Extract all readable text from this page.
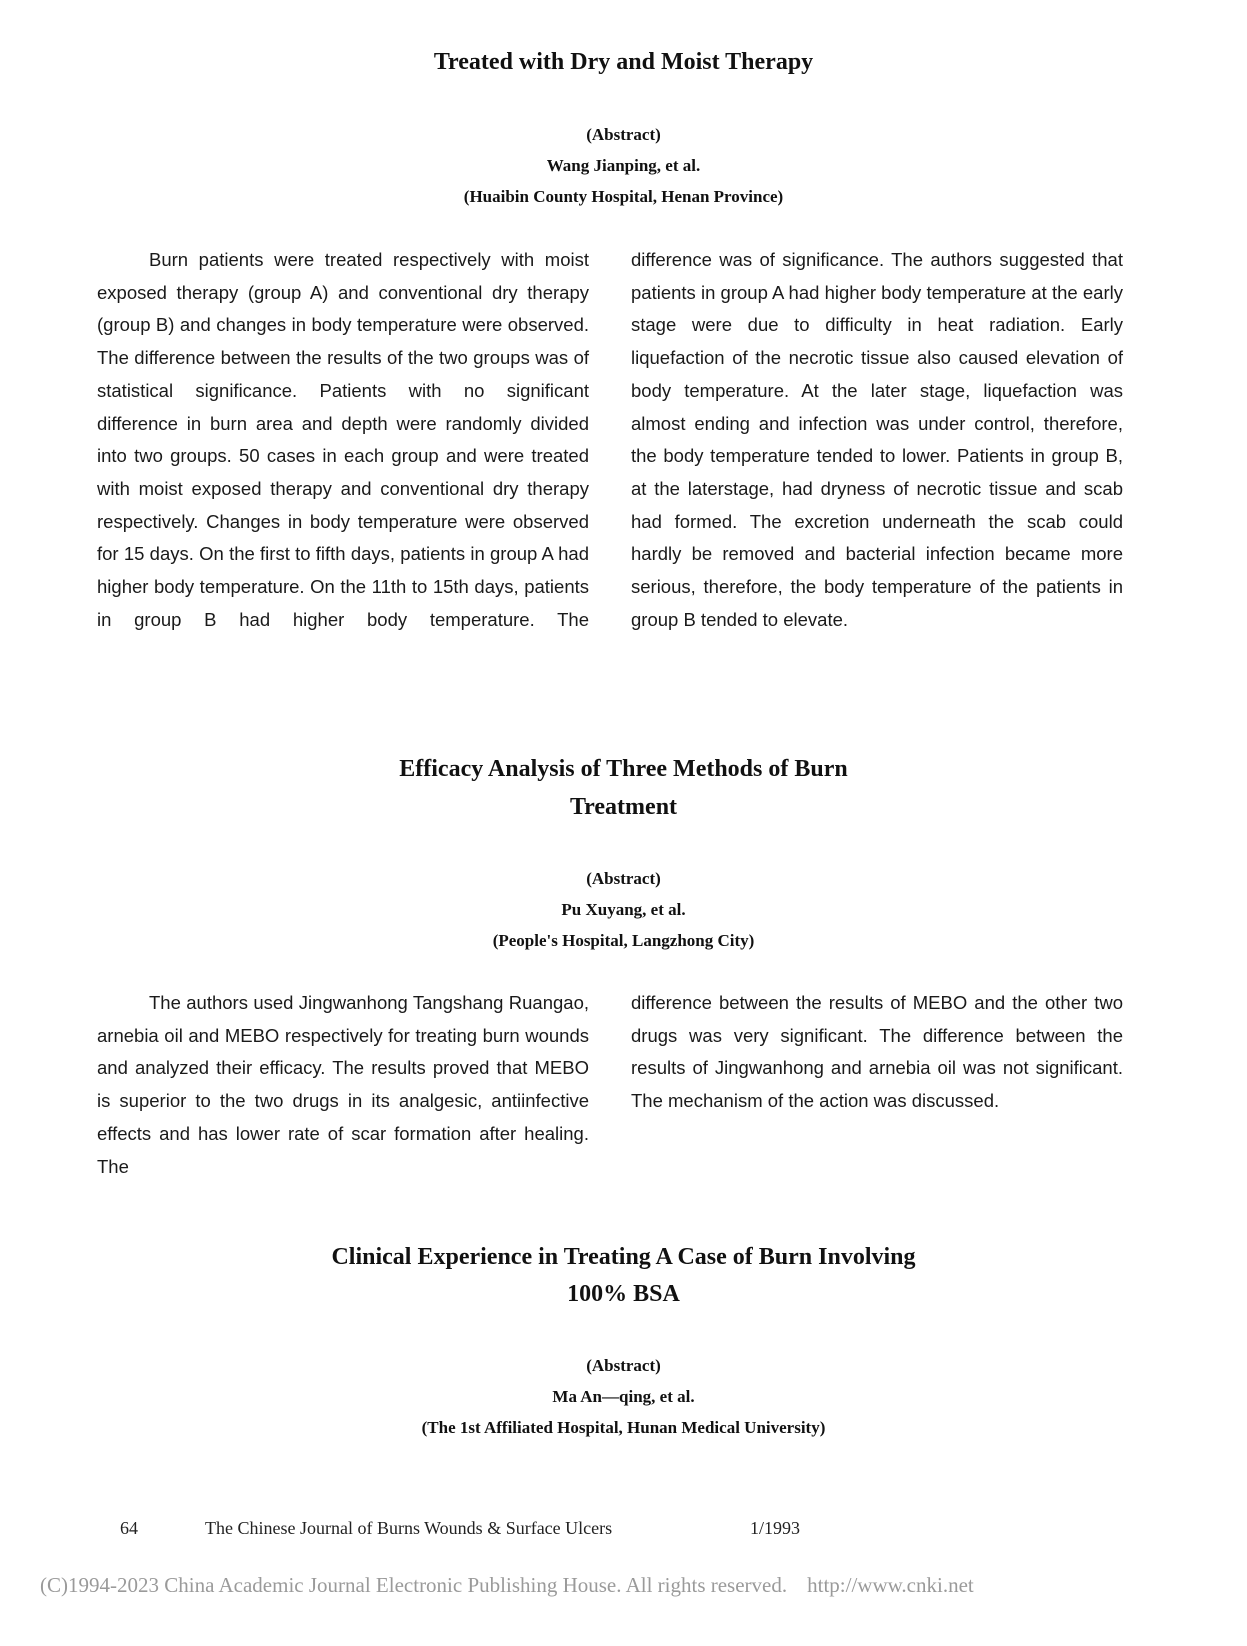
Treated with Dry and Moist Therapy
(Abstract)
Wang Jianping, et al.
(Huaibin County Hospital, Henan Province)

Burn patients were treated respectively with moist exposed therapy (group A) and conventional dry therapy (group B) and changes in body temperature were observed. The difference between the results of the two groups was of statistical significance. Patients with no significant difference in burn area and depth were randomly divided into two groups. 50 cases in each group and were treated with moist exposed therapy and conventional dry therapy respectively. Changes in body temperature were observed for 15 days. On the first to fifth days, patients in group A had higher body temperature. On the 11th to 15th days, patients in group B had higher body temperature. The

difference was of significance. The authors suggested that patients in group A had higher body temperature at the early stage were due to difficulty in heat radiation. Early liquefaction of the necrotic tissue also caused elevation of body temperature. At the later stage, liquefaction was almost ending and infection was under control, therefore, the body temperature tended to lower. Patients in group B, at the laterstage, had dryness of necrotic tissue and scab had formed. The excretion underneath the scab could hardly be removed and bacterial infection became more serious, therefore, the body temperature of the patients in group B tended to elevate.

Efficacy Analysis of Three Methods of Burn
Treatment
(Abstract)
Pu Xuyang, et al.
(People's Hospital, Langzhong City)

The authors used Jingwanhong Tangshang Ruangao, arnebia oil and MEBO respectively for treating burn wounds and analyzed their efficacy. The results proved that MEBO is superior to the two drugs in its analgesic, antiinfective effects and has lower rate of scar formation after healing. The

difference between the results of MEBO and the other two drugs was very significant. The difference between the results of Jingwanhong and arnebia oil was not significant. The mechanism of the action was discussed.

Clinical Experience in Treating A Case of Burn Involving
100% BSA
(Abstract)
Ma An—qing, et al.
(The 1st Affiliated Hospital, Hunan Medical University)
64	The Chinese Journal of Burns Wounds & Surface Ulcers	1/1993
(C)1994-2023 China Academic Journal Electronic Publishing House. All rights reserved. http://www.cnki.net
